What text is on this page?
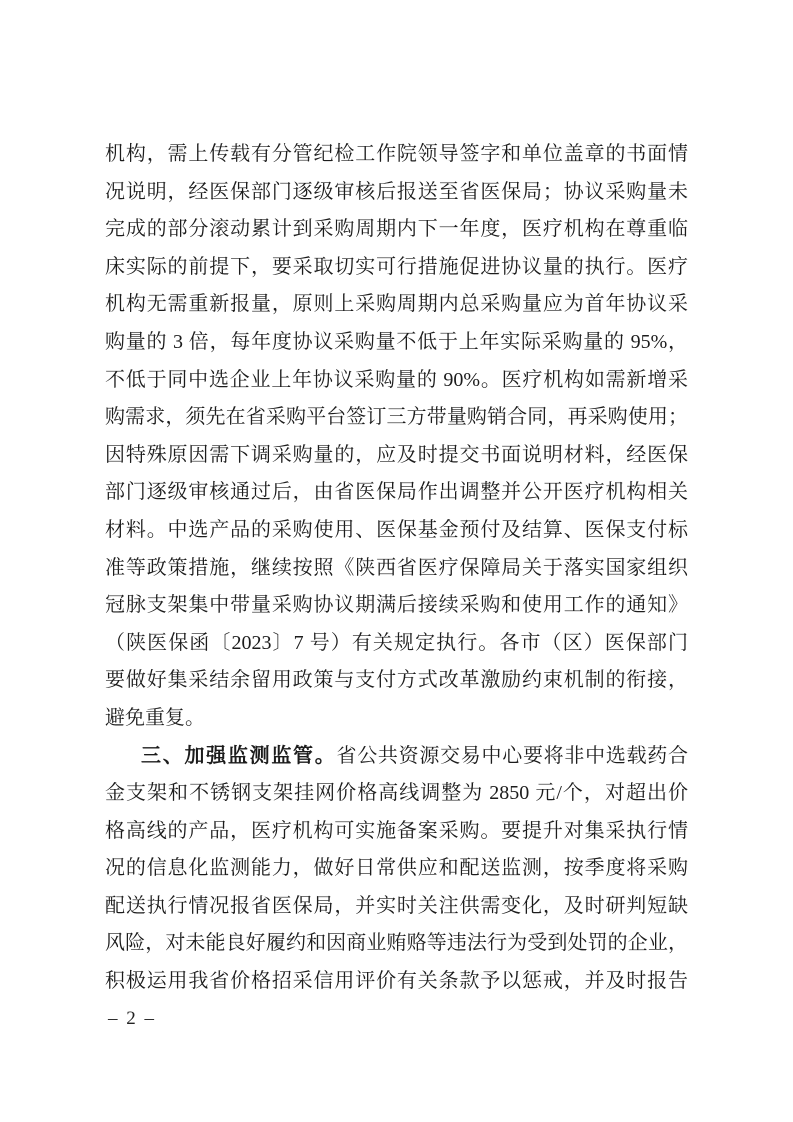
机构，需上传载有分管纪检工作院领导签字和单位盖章的书面情
况说明，经医保部门逐级审核后报送至省医保局；协议采购量未
完成的部分滚动累计到采购周期内下一年度，医疗机构在尊重临
床实际的前提下，要采取切实可行措施促进协议量的执行。医疗
机构无需重新报量，原则上采购周期内总采购量应为首年协议采
购量的 3 倍，每年度协议采购量不低于上年实际采购量的 95%，
不低于同中选企业上年协议采购量的 90%。医疗机构如需新增采
购需求，须先在省采购平台签订三方带量购销合同，再采购使用；
因特殊原因需下调采购量的，应及时提交书面说明材料，经医保
部门逐级审核通过后，由省医保局作出调整并公开医疗机构相关
材料。中选产品的采购使用、医保基金预付及结算、医保支付标
准等政策措施，继续按照《陕西省医疗保障局关于落实国家组织
冠脉支架集中带量采购协议期满后接续采购和使用工作的通知》
（陕医保函〔2023〕7 号）有关规定执行。各市（区）医保部门
要做好集采结余留用政策与支付方式改革激励约束机制的衔接，
避免重复。
三、加强监测监管。省公共资源交易中心要将非中选载药合
金支架和不锈钢支架挂网价格高线调整为 2850 元/个，对超出价
格高线的产品，医疗机构可实施备案采购。要提升对集采执行情
况的信息化监测能力，做好日常供应和配送监测，按季度将采购
配送执行情况报省医保局，并实时关注供需变化，及时研判短缺
风险，对未能良好履约和因商业贿赂等违法行为受到处罚的企业，
积极运用我省价格招采信用评价有关条款予以惩戒，并及时报告
– 2 –
